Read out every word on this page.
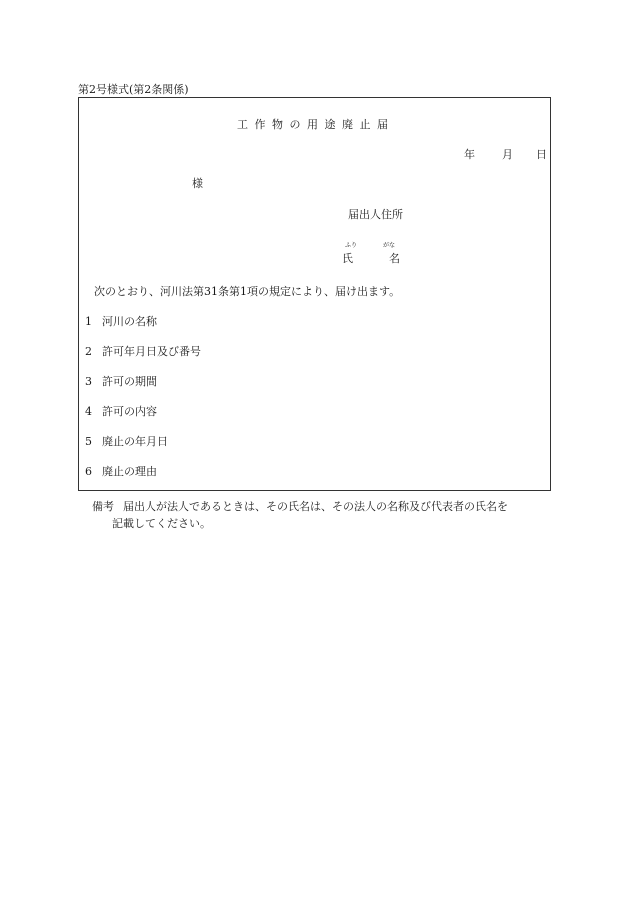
第2号様式(第2条関係)
工作物の用途廃止届
年 月 日
様
届出人住所
ふり	がな
氏	名
次のとおり、河川法第31条第1項の規定により、届け出ます。
1 河川の名称
2 許可年月日及び番号
3 許可の期間
4 許可の内容
5 廃止の年月日
6 廃止の理由
備考 届出人が法人であるときは、その氏名は、その法人の名称及び代表者の氏名を
記載してください。
